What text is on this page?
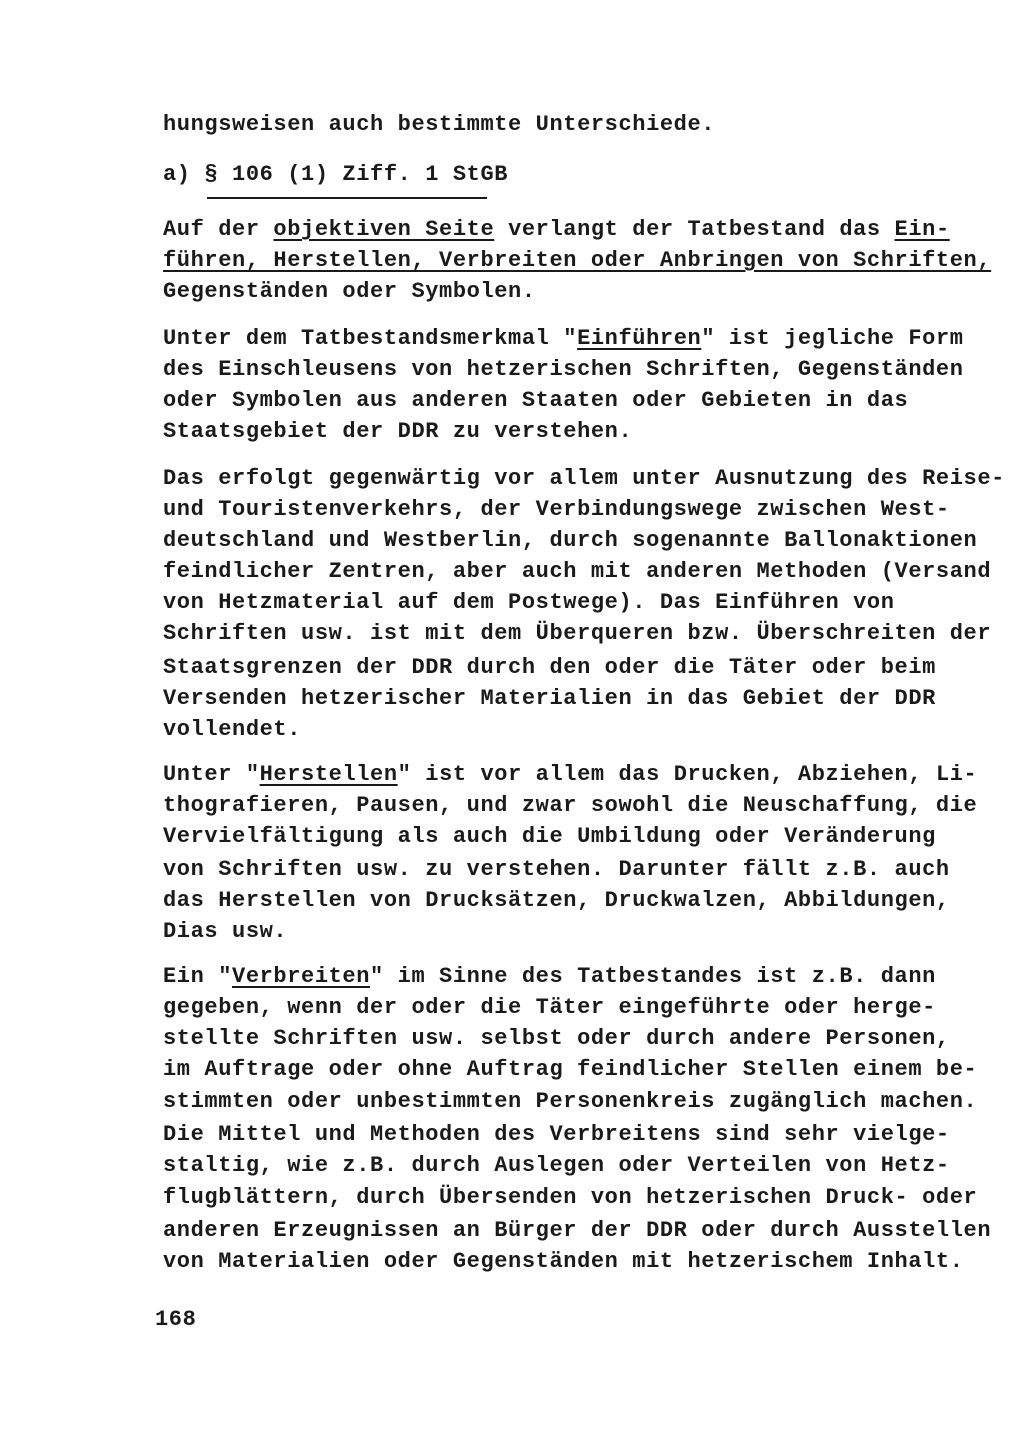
hungsweisen auch bestimmte Unterschiede.
a) § 106 (1) Ziff. 1 StGB
Auf der objektiven Seite verlangt der Tatbestand das Ein-
führen, Herstellen, Verbreiten oder Anbringen von Schriften,
Gegenständen oder Symbolen.
Unter dem Tatbestandsmerkmal "Einführen" ist jegliche Form
des Einschleusens von hetzerischen Schriften, Gegenständen
oder Symbolen aus anderen Staaten oder Gebieten in das
Staatsgebiet der DDR zu verstehen.
Das erfolgt gegenwärtig vor allem unter Ausnutzung des Reise-
und Touristenverkehrs, der Verbindungswege zwischen West-
deutschland und Westberlin, durch sogenannte Ballonaktionen
feindlicher Zentren, aber auch mit anderen Methoden (Versand
von Hetzmaterial auf dem Postwege). Das Einführen von
Schriften usw. ist mit dem Überqueren bzw. Überschreiten der
Staatsgrenzen der DDR durch den oder die Täter oder beim
Versenden hetzerischer Materialien in das Gebiet der DDR
vollendet.
Unter "Herstellen" ist vor allem das Drucken, Abziehen, Li-
thografieren, Pausen, und zwar sowohl die Neuschaffung, die
Vervielfältigung als auch die Umbildung oder Veränderung
von Schriften usw. zu verstehen. Darunter fällt z.B. auch
das Herstellen von Drucksätzen, Druckwalzen, Abbildungen,
Dias usw.
Ein "Verbreiten" im Sinne des Tatbestandes ist z.B. dann
gegeben, wenn der oder die Täter eingeführte oder herge-
stellte Schriften usw. selbst oder durch andere Personen,
im Auftrage oder ohne Auftrag feindlicher Stellen einem be-
stimmten oder unbestimmten Personenkreis zugänglich machen.
Die Mittel und Methoden des Verbreitens sind sehr vielge-
staltig, wie z.B. durch Auslegen oder Verteilen von Hetz-
flugblättern, durch Übersenden von hetzerischen Druck- oder
anderen Erzeugnissen an Bürger der DDR oder durch Ausstellen
von Materialien oder Gegenständen mit hetzerischem Inhalt.
168
